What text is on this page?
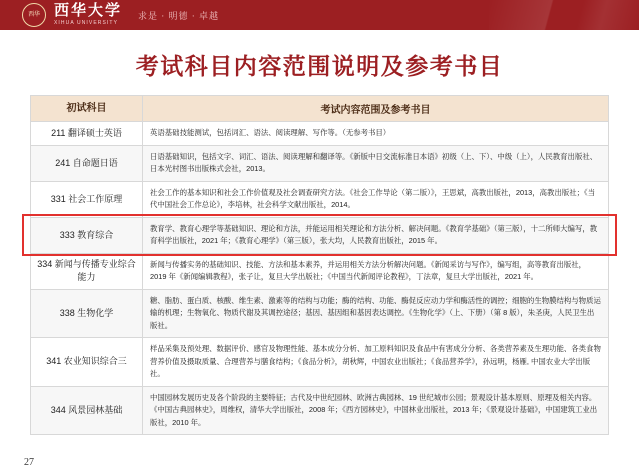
西华 西华大学
XIHUA UNIVERSITY
求是 · 明德 · 卓越
考试科目内容范围说明及参考书目
初试科目	考试内容范围及参考书目
211 翻译硕士英语	英语基础技能测试，包括词汇、语法、阅读理解、写作等。（无参考书目）
241 自命题日语	日语基础知识，包括文字、词汇、语法、阅读理解和翻译等。《新版中日交流标准日本语》初级（上、下）、中级（上），人民教育出版社、日本光村图书出版株式会社，2013。
331 社会工作原理	社会工作的基本知识和社会工作价值观及社会调查研究方法。《社会工作导论（第二版）》，王思斌，高教出版社，2013，高教出版社；《当代中国社会工作总论》，李培林，社会科学文献出版社，2014。
333 教育综合	教育学、教育心理学等基础知识、理论和方法，并能运用相关理论和方法分析、解决问题。《教育学基础》（第三版），十二所师大编写，教育科学出版社，2021 年；《教育心理学》（第三版），张大均，人民教育出版社，2015 年。
334 新闻与传播专业综合能力	新闻与传播实务的基础知识、技能、方法和基本素养，并运用相关方法分析解决问题。《新闻采访与写作》，编写组，高等教育出版社，2019 年《新闻编辑教程》，张子让，复旦大学出版社；《中国当代新闻评论教程》，丁法章，复旦大学出版社，2021 年。
338 生物化学	糖、脂肪、蛋白质、核酸、维生素、激素等的结构与功能；酶的结构、功能、酶促反应动力学和酶活性的调控；细胞的生物膜结构与物质运输的机理；生物氧化、物质代谢及其调控途径；基因、基因组和基因表达调控。《生物化学》（上、下册）（第 8 版），朱圣庚，人民卫生出版社。
341 农业知识综合三	样品采集及预处理、数据评价、感官及物理性能、基本成分分析、加工原料知识及食品中有害成分分析、各类营养素及生理功能、各类食物营养价值及摄取质量、合理营养与膳食结构；《食品分析》，胡秋辉，中国农业出版社；《食品营养学》，孙远明，杨雁, 中国农业大学出版社。
344 风景园林基础	中国园林发展历史及各个阶段的主要特征；古代及中世纪园林、欧洲古典园林、19 世纪城市公园；景观设计基本原则、原理及相关内容。《中国古典园林史》，周维权，清华大学出版社，2008 年；《西方园林史》，中国林业出版社，2013 年；《景观设计基础》，中国建筑工业出版社，2010 年。
27
